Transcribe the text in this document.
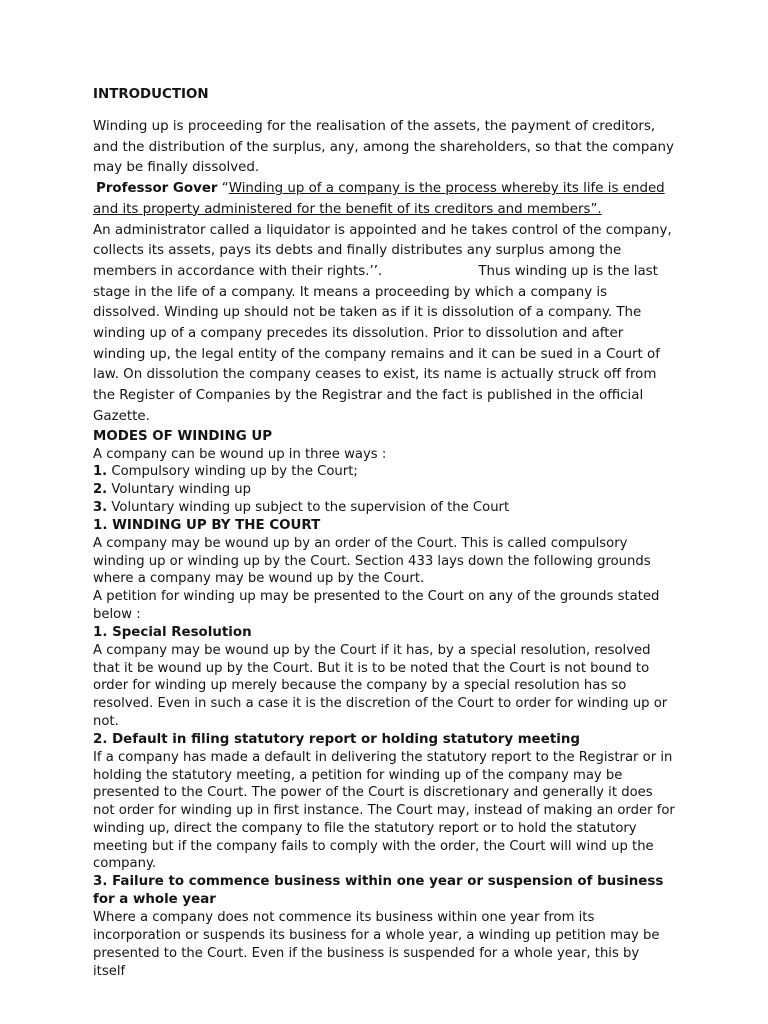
INTRODUCTION

Winding up is proceeding for the realisation of the assets, the payment of creditors, and the distribution of the surplus, any, among the shareholders, so that the company may be finally dissolved.

Professor Gover “Winding up of a company is the process whereby its life is ended and its property administered for the benefit of its creditors and members”.

An administrator called a liquidator is appointed and he takes control of the company, collects its assets, pays its debts and finally distributes any surplus among the members in accordance with their rights.’’.	Thus winding up is the last stage in the life of a company. It means a proceeding by which a company is dissolved. Winding up should not be taken as if it is dissolution of a company. The winding up of a company precedes its dissolution. Prior to dissolution and after winding up, the legal entity of the company remains and it can be sued in a Court of law. On dissolution the company ceases to exist, its name is actually struck off from the Register of Companies by the Registrar and the fact is published in the official Gazette.

MODES OF WINDING UP

A company can be wound up in three ways :

1. Compulsory winding up by the Court;

2. Voluntary winding up

3. Voluntary winding up subject to the supervision of the Court

1. WINDING UP BY THE COURT

A company may be wound up by an order of the Court. This is called compulsory winding up or winding up by the Court. Section 433 lays down the following grounds where a company may be wound up by the Court.

A petition for winding up may be presented to the Court on any of the grounds stated below :

1. Special Resolution

A company may be wound up by the Court if it has, by a special resolution, resolved that it be wound up by the Court. But it is to be noted that the Court is not bound to order for winding up merely because the company by a special resolution has so resolved. Even in such a case it is the discretion of the Court to order for winding up or not.

2. Default in filing statutory report or holding statutory meeting

If a company has made a default in delivering the statutory report to the Registrar or in holding the statutory meeting, a petition for winding up of the company may be presented to the Court. The power of the Court is discretionary and generally it does not order for winding up in first instance. The Court may, instead of making an order for winding up, direct the company to file the statutory report or to hold the statutory meeting but if the company fails to comply with the order, the Court will wind up the company.

3. Failure to commence business within one year or suspension of business for a whole year

Where a company does not commence its business within one year from its incorporation or suspends its business for a whole year, a winding up petition may be presented to the Court. Even if the business is suspended for a whole year, this by itself
